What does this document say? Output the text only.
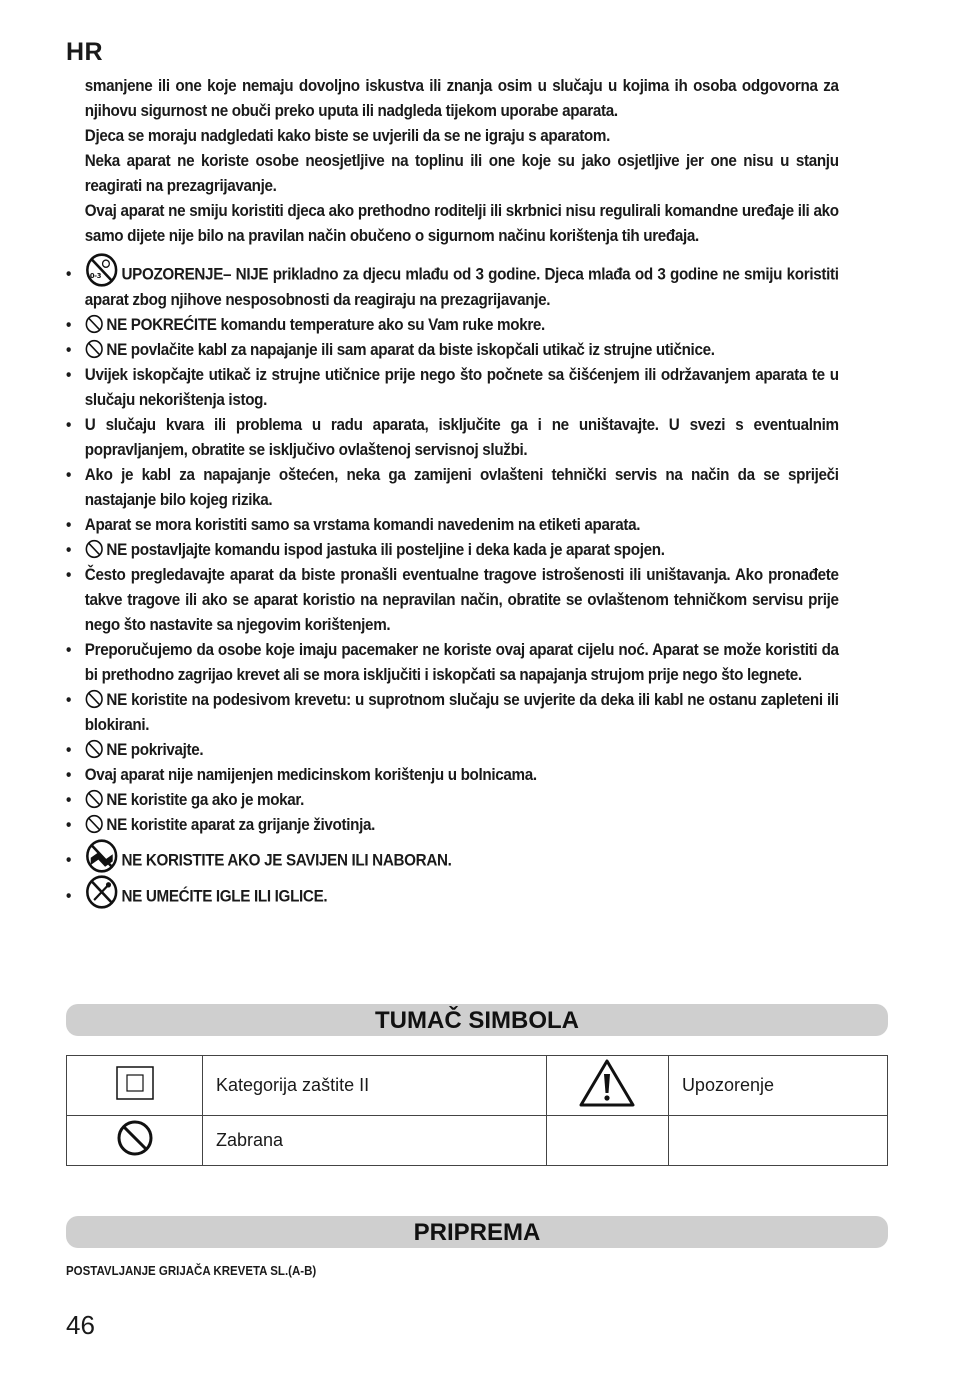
HR

smanjene ili one koje nemaju dovoljno iskustva ili znanja osim u slučaju u kojima ih osoba odgovorna za njihovu sigurnost ne obuči preko uputa ili nadgleda tijekom uporabe aparata.

Djeca se moraju nadgledati kako biste se uvjerili da se ne igraju s aparatom.

Neka aparat ne koriste osobe neosjetljive na toplinu ili one koje su jako osjetljive jer one nisu u stanju reagirati na prezagrijavanje.

Ovaj aparat ne smiju koristiti djeca ako prethodno roditelji ili skrbnici nisu regulirali komandne uređaje ili ako samo dijete nije bilo na pravilan način obučeno o sigurnom načinu korištenja tih uređaja.

• 0-3 UPOZORENJE– NIJE prikladno za djecu mlađu od 3 godine. Djeca mlađa od 3 godine ne smiju koristiti aparat zbog njihove nesposobnosti da reagiraju na prezagrijavanje.
• NE POKREĆITE komandu temperature ako su Vam ruke mokre.
• NE povlačite kabl za napajanje ili sam aparat da biste iskopčali utikač iz strujne utičnice.
• Uvijek iskopčajte utikač iz strujne utičnice prije nego što počnete sa čišćenjem ili održavanjem aparata te u slučaju nekorištenja istog.
• U slučaju kvara ili problema u radu aparata, isključite ga i ne uništavajte. U svezi s eventualnim popravljanjem, obratite se isključivo ovlaštenoj servisnoj službi.
• Ako je kabl za napajanje oštećen, neka ga zamijeni ovlašteni tehnički servis na način da se spriječi nastajanje bilo kojeg rizika.
• Aparat se mora koristiti samo sa vrstama komandi navedenim na etiketi aparata.
• NE postavljajte komandu ispod jastuka ili posteljine i deka kada je aparat spojen.
• Često pregledavajte aparat da biste pronašli eventualne tragove istrošenosti ili uništavanja. Ako pronađete takve tragove ili ako se aparat koristio na nepravilan način, obratite se ovlaštenom tehničkom servisu prije nego što nastavite sa njegovim korištenjem.
• Preporučujemo da osobe koje imaju pacemaker ne koriste ovaj aparat cijelu noć. Aparat se može koristiti da bi prethodno zagrijao krevet ali se mora isključiti i iskopčati sa napajanja strujom prije nego što legnete.
• NE koristite na podesivom krevetu: u suprotnom slučaju se uvjerite da deka ili kabl ne ostanu zapleteni ili blokirani.
• NE pokrivajte.
• Ovaj aparat nije namijenjen medicinskom korištenju u bolnicama.
• NE koristite ga ako je mokar.
• NE koristite aparat za grijanje životinja.
• NE KORISTITE AKO JE SAVIJEN ILI NABORAN.
• NE UMEĆITE IGLE ILI IGLICE.
TUMAČ SIMBOLA
	Kategorija zaštite II		Upozorenje
	Zabrana		
PRIPREMA
POSTAVLJANJE GRIJAČA KREVETA SL.(A-B)
46
